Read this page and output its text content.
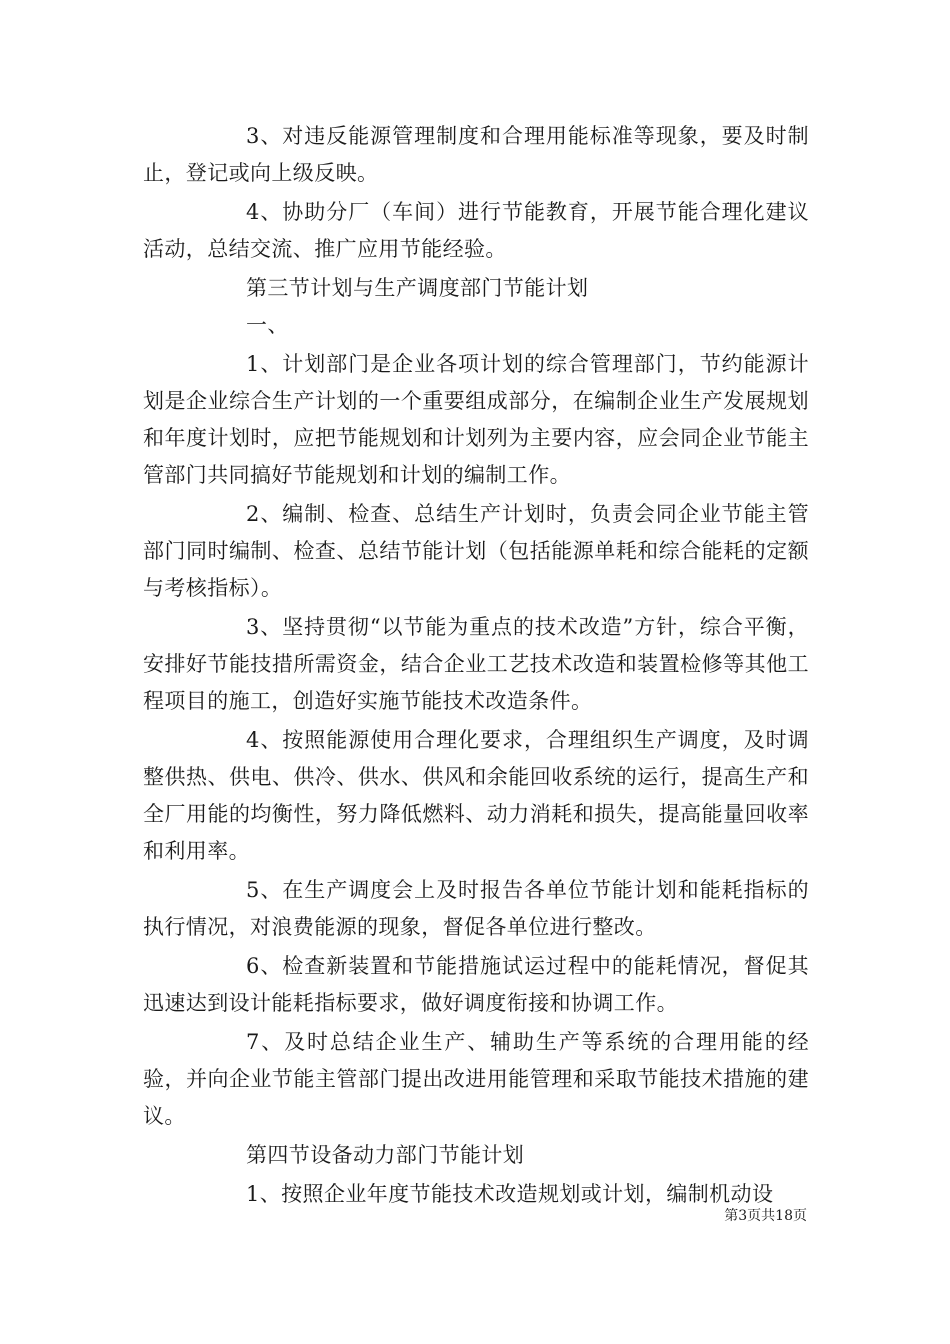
3、对违反能源管理制度和合理用能标准等现象，要及时制止，登记或向上级反映。

4、协助分厂（车间）进行节能教育，开展节能合理化建议活动，总结交流、推广应用节能经验。

第三节计划与生产调度部门节能计划

一、

1、计划部门是企业各项计划的综合管理部门，节约能源计划是企业综合生产计划的一个重要组成部分，在编制企业生产发展规划和年度计划时，应把节能规划和计划列为主要内容，应会同企业节能主管部门共同搞好节能规划和计划的编制工作。

2、编制、检查、总结生产计划时，负责会同企业节能主管部门同时编制、检查、总结节能计划（包括能源单耗和综合能耗的定额与考核指标）。

3、坚持贯彻“以节能为重点的技术改造”方针，综合平衡，安排好节能技措所需资金，结合企业工艺技术改造和装置检修等其他工程项目的施工，创造好实施节能技术改造条件。

4、按照能源使用合理化要求，合理组织生产调度，及时调整供热、供电、供冷、供水、供风和余能回收系统的运行，提高生产和全厂用能的均衡性，努力降低燃料、动力消耗和损失，提高能量回收率和利用率。

5、在生产调度会上及时报告各单位节能计划和能耗指标的执行情况，对浪费能源的现象，督促各单位进行整改。

6、检查新装置和节能措施试运过程中的能耗情况，督促其迅速达到设计能耗指标要求，做好调度衔接和协调工作。

7、及时总结企业生产、辅助生产等系统的合理用能的经验，并向企业节能主管部门提出改进用能管理和采取节能技术措施的建议。

第四节设备动力部门节能计划

1、按照企业年度节能技术改造规划或计划，编制机动设

第3页共18页
